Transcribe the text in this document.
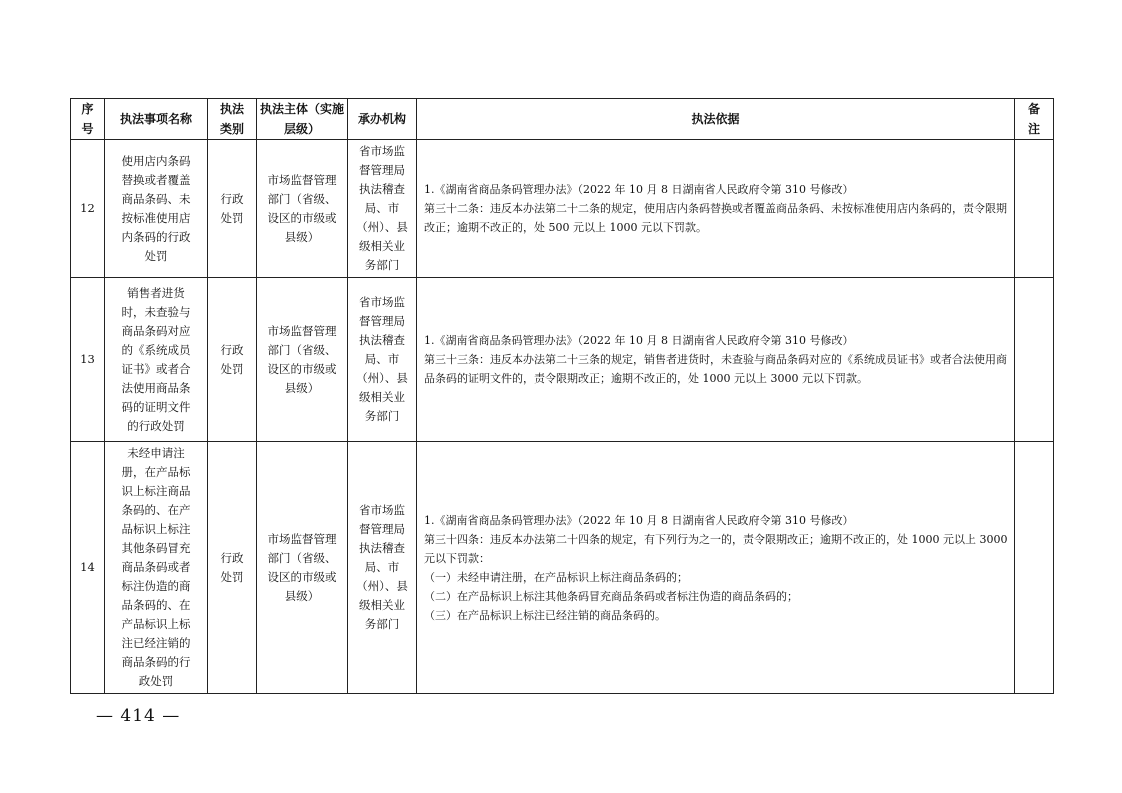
序号	执法事项名称	执法类别	执法主体（实施层级）	承办机构	执法依据	备注

12	使用店内条码替换或者覆盖商品条码、未按标准使用店内条码的行政处罚	行政处罚	市场监督管理部门（省级、设区的市级或县级）	省市场监督管理局执法稽查局、市（州）、县级相关业务部门	1.《湖南省商品条码管理办法》（2022 年 10 月 8 日湖南省人民政府令第 310 号修改）
第三十二条：违反本办法第二十二条的规定，使用店内条码替换或者覆盖商品条码、未按标准使用店内条码的，责令限期改正；逾期不改正的，处 500 元以上 1000 元以下罚款。	

13	销售者进货时，未查验与商品条码对应的《系统成员证书》或者合法使用商品条码的证明文件的行政处罚	行政处罚	市场监督管理部门（省级、设区的市级或县级）	省市场监督管理局执法稽查局、市（州）、县级相关业务部门	1.《湖南省商品条码管理办法》（2022 年 10 月 8 日湖南省人民政府令第 310 号修改）
第三十三条：违反本办法第二十三条的规定，销售者进货时，未查验与商品条码对应的《系统成员证书》或者合法使用商品条码的证明文件的，责令限期改正；逾期不改正的，处 1000 元以上 3000 元以下罚款。	

14	未经申请注册，在产品标识上标注商品条码的、在产品标识上标注其他条码冒充商品条码或者标注伪造的商品条码的、在产品标识上标注已经注销的商品条码的行政处罚	行政处罚	市场监督管理部门（省级、设区的市级或县级）	省市场监督管理局执法稽查局、市（州）、县级相关业务部门	1.《湖南省商品条码管理办法》（2022 年 10 月 8 日湖南省人民政府令第 310 号修改）
第三十四条：违反本办法第二十四条的规定，有下列行为之一的，责令限期改正；逾期不改正的，处 1000 元以上 3000 元以下罚款：
（一）未经申请注册，在产品标识上标注商品条码的；
（二）在产品标识上标注其他条码冒充商品条码或者标注伪造的商品条码的；
（三）在产品标识上标注已经注销的商品条码的。	

— 414 —
